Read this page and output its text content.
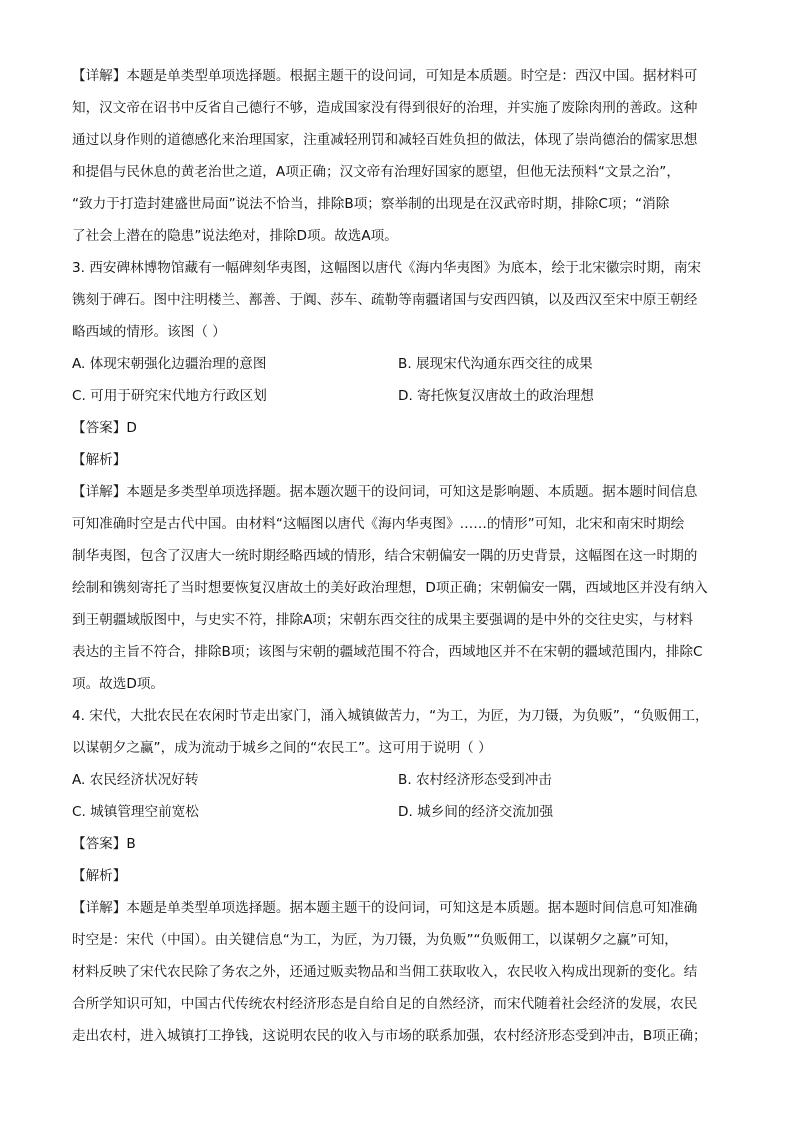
【详解】本题是单类型单项选择题。根据主题干的设问词，可知是本质题。时空是：西汉中国。据材料可
知，汉文帝在诏书中反省自己德行不够，造成国家没有得到很好的治理，并实施了废除肉刑的善政。这种
通过以身作则的道德感化来治理国家，注重减轻刑罚和减轻百姓负担的做法，体现了崇尚德治的儒家思想
和提倡与民休息的黄老治世之道，A项正确；汉文帝有治理好国家的愿望，但他无法预料“文景之治”，
“致力于打造封建盛世局面”说法不恰当，排除B项；察举制的出现是在汉武帝时期，排除C项；“消除
了社会上潜在的隐患”说法绝对，排除D项。故选A项。
3. 西安碑林博物馆藏有一幅碑刻华夷图，这幅图以唐代《海内华夷图》为底本，绘于北宋徽宗时期，南宋
镌刻于碑石。图中注明楼兰、鄯善、于阗、莎车、疏勒等南疆诸国与安西四镇，以及西汉至宋中原王朝经
略西域的情形。该图（ ）
A. 体现宋朝强化边疆治理的意图	B. 展现宋代沟通东西交往的成果
C. 可用于研究宋代地方行政区划	D. 寄托恢复汉唐故土的政治理想
【答案】D
【解析】
【详解】本题是多类型单项选择题。据本题次题干的设问词，可知这是影响题、本质题。据本题时间信息
可知准确时空是古代中国。由材料“这幅图以唐代《海内华夷图》……的情形”可知，北宋和南宋时期绘
制华夷图，包含了汉唐大一统时期经略西域的情形，结合宋朝偏安一隅的历史背景，这幅图在这一时期的
绘制和镌刻寄托了当时想要恢复汉唐故土的美好政治理想，D项正确；宋朝偏安一隅，西域地区并没有纳入
到王朝疆域版图中，与史实不符，排除A项；宋朝东西交往的成果主要强调的是中外的交往史实，与材料
表达的主旨不符合，排除B项；该图与宋朝的疆域范围不符合，西域地区并不在宋朝的疆域范围内，排除C
项。故选D项。
4. 宋代，大批农民在农闲时节走出家门，涌入城镇做苦力，“为工，为匠，为刀镊，为负贩”，“负贩佣工，
以谋朝夕之赢”，成为流动于城乡之间的“农民工”。这可用于说明（ ）
A. 农民经济状况好转	B. 农村经济形态受到冲击
C. 城镇管理空前宽松	D. 城乡间的经济交流加强
【答案】B
【解析】
【详解】本题是单类型单项选择题。据本题主题干的设问词，可知这是本质题。据本题时间信息可知准确
时空是：宋代（中国）。由关键信息“为工，为匠，为刀镊，为负贩”“负贩佣工，以谋朝夕之赢”可知，
材料反映了宋代农民除了务农之外，还通过贩卖物品和当佣工获取收入，农民收入构成出现新的变化。结
合所学知识可知，中国古代传统农村经济形态是自给自足的自然经济，而宋代随着社会经济的发展，农民
走出农村，进入城镇打工挣钱，这说明农民的收入与市场的联系加强，农村经济形态受到冲击，B项正确；
